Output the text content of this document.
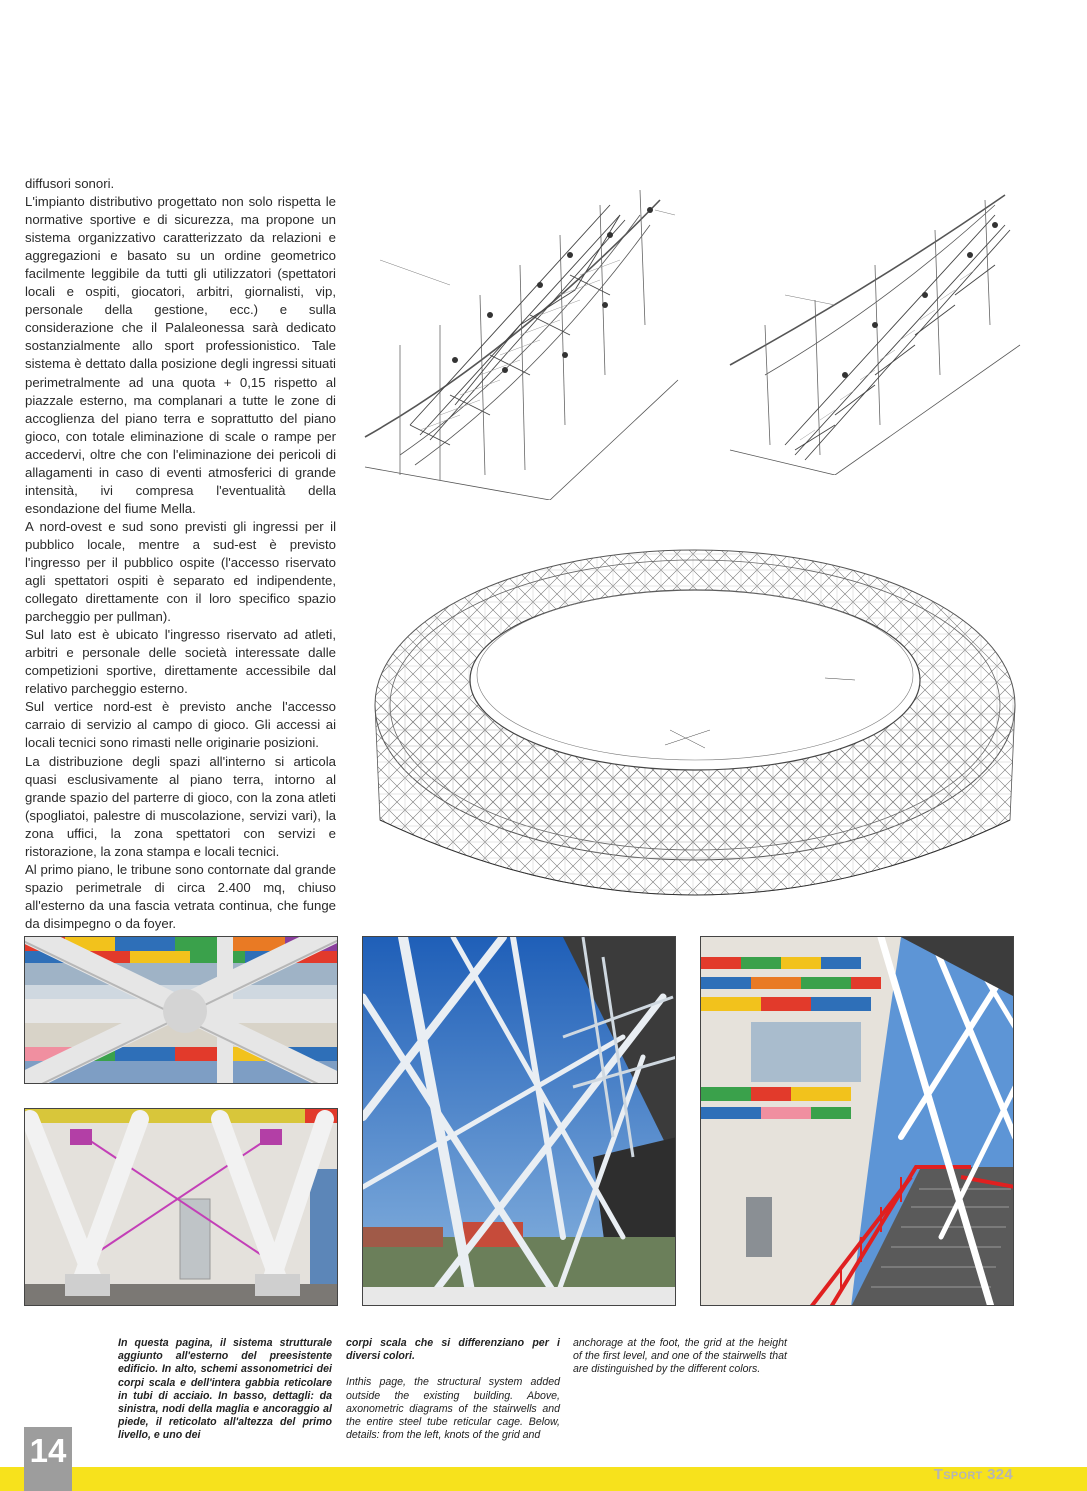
diffusori sonori.

L'impianto distributivo progettato non solo rispetta le normative sportive e di sicurezza, ma propone un sistema organizzativo caratterizzato da relazioni e aggregazioni e basato su un ordine geometrico facilmente leggibile da tutti gli utilizzatori (spettatori locali e ospiti, giocatori, arbitri, giornalisti, vip, personale della gestione, ecc.) e sulla considerazione che il Palaleonessa sarà dedicato sostanzialmente allo sport professionistico. Tale sistema è dettato dalla posizione degli ingressi situati perimetralmente ad una quota + 0,15 rispetto al piazzale esterno, ma complanari a tutte le zone di accoglienza del piano terra e soprattutto del piano gioco, con totale eliminazione di scale o rampe per accedervi, oltre che con l'eliminazione dei pericoli di allagamenti in caso di eventi atmosferici di grande intensità, ivi compresa l'eventualità della esondazione del fiume Mella.

A nord-ovest e sud sono previsti gli ingressi per il pubblico locale, mentre a sud-est è previsto l'ingresso per il pubblico ospite (l'accesso riservato agli spettatori ospiti è separato ed indipendente, collegato direttamente con il loro specifico spazio parcheggio per pullman).

Sul lato est è ubicato l'ingresso riservato ad atleti, arbitri e personale delle società interessate dalle competizioni sportive, direttamente accessibile dal relativo parcheggio esterno.

Sul vertice nord-est è previsto anche l'accesso carraio di servizio al campo di gioco. Gli accessi ai locali tecnici sono rimasti nelle originarie posizioni.

La distribuzione degli spazi all'interno si articola quasi esclusivamente al piano terra, intorno al grande spazio del parterre di gioco, con la zona atleti (spogliatoi, palestre di muscolazione, servizi vari), la zona uffici, la zona spettatori con servizi e ristorazione, la zona stampa e locali tecnici.

Al primo piano, le tribune sono contornate dal grande spazio perimetrale di circa 2.400 mq, chiuso all'esterno da una fascia vetrata continua, che funge da disimpegno o da foyer.

In questa pagina, il sistema strutturale aggiunto all'esterno del preesistente edificio. In alto, schemi assonometrici dei corpi scala e dell'intera gabbia reticolare in tubi di acciaio. In basso, dettagli: da sinistra, nodi della maglia e ancoraggio al piede, il reticolato all'altezza del primo livello, e uno dei

corpi scala che si differenziano per i diversi colori.

Inthis page, the structural system added outside the existing building. Above, axonometric diagrams of the stairwells and the entire steel tube reticular cage. Below, details: from the left, knots of the grid and

anchorage at the foot, the grid at the height of the first level, and one of the stairwells that are distinguished by the different colors.

14
TSPORT 324
